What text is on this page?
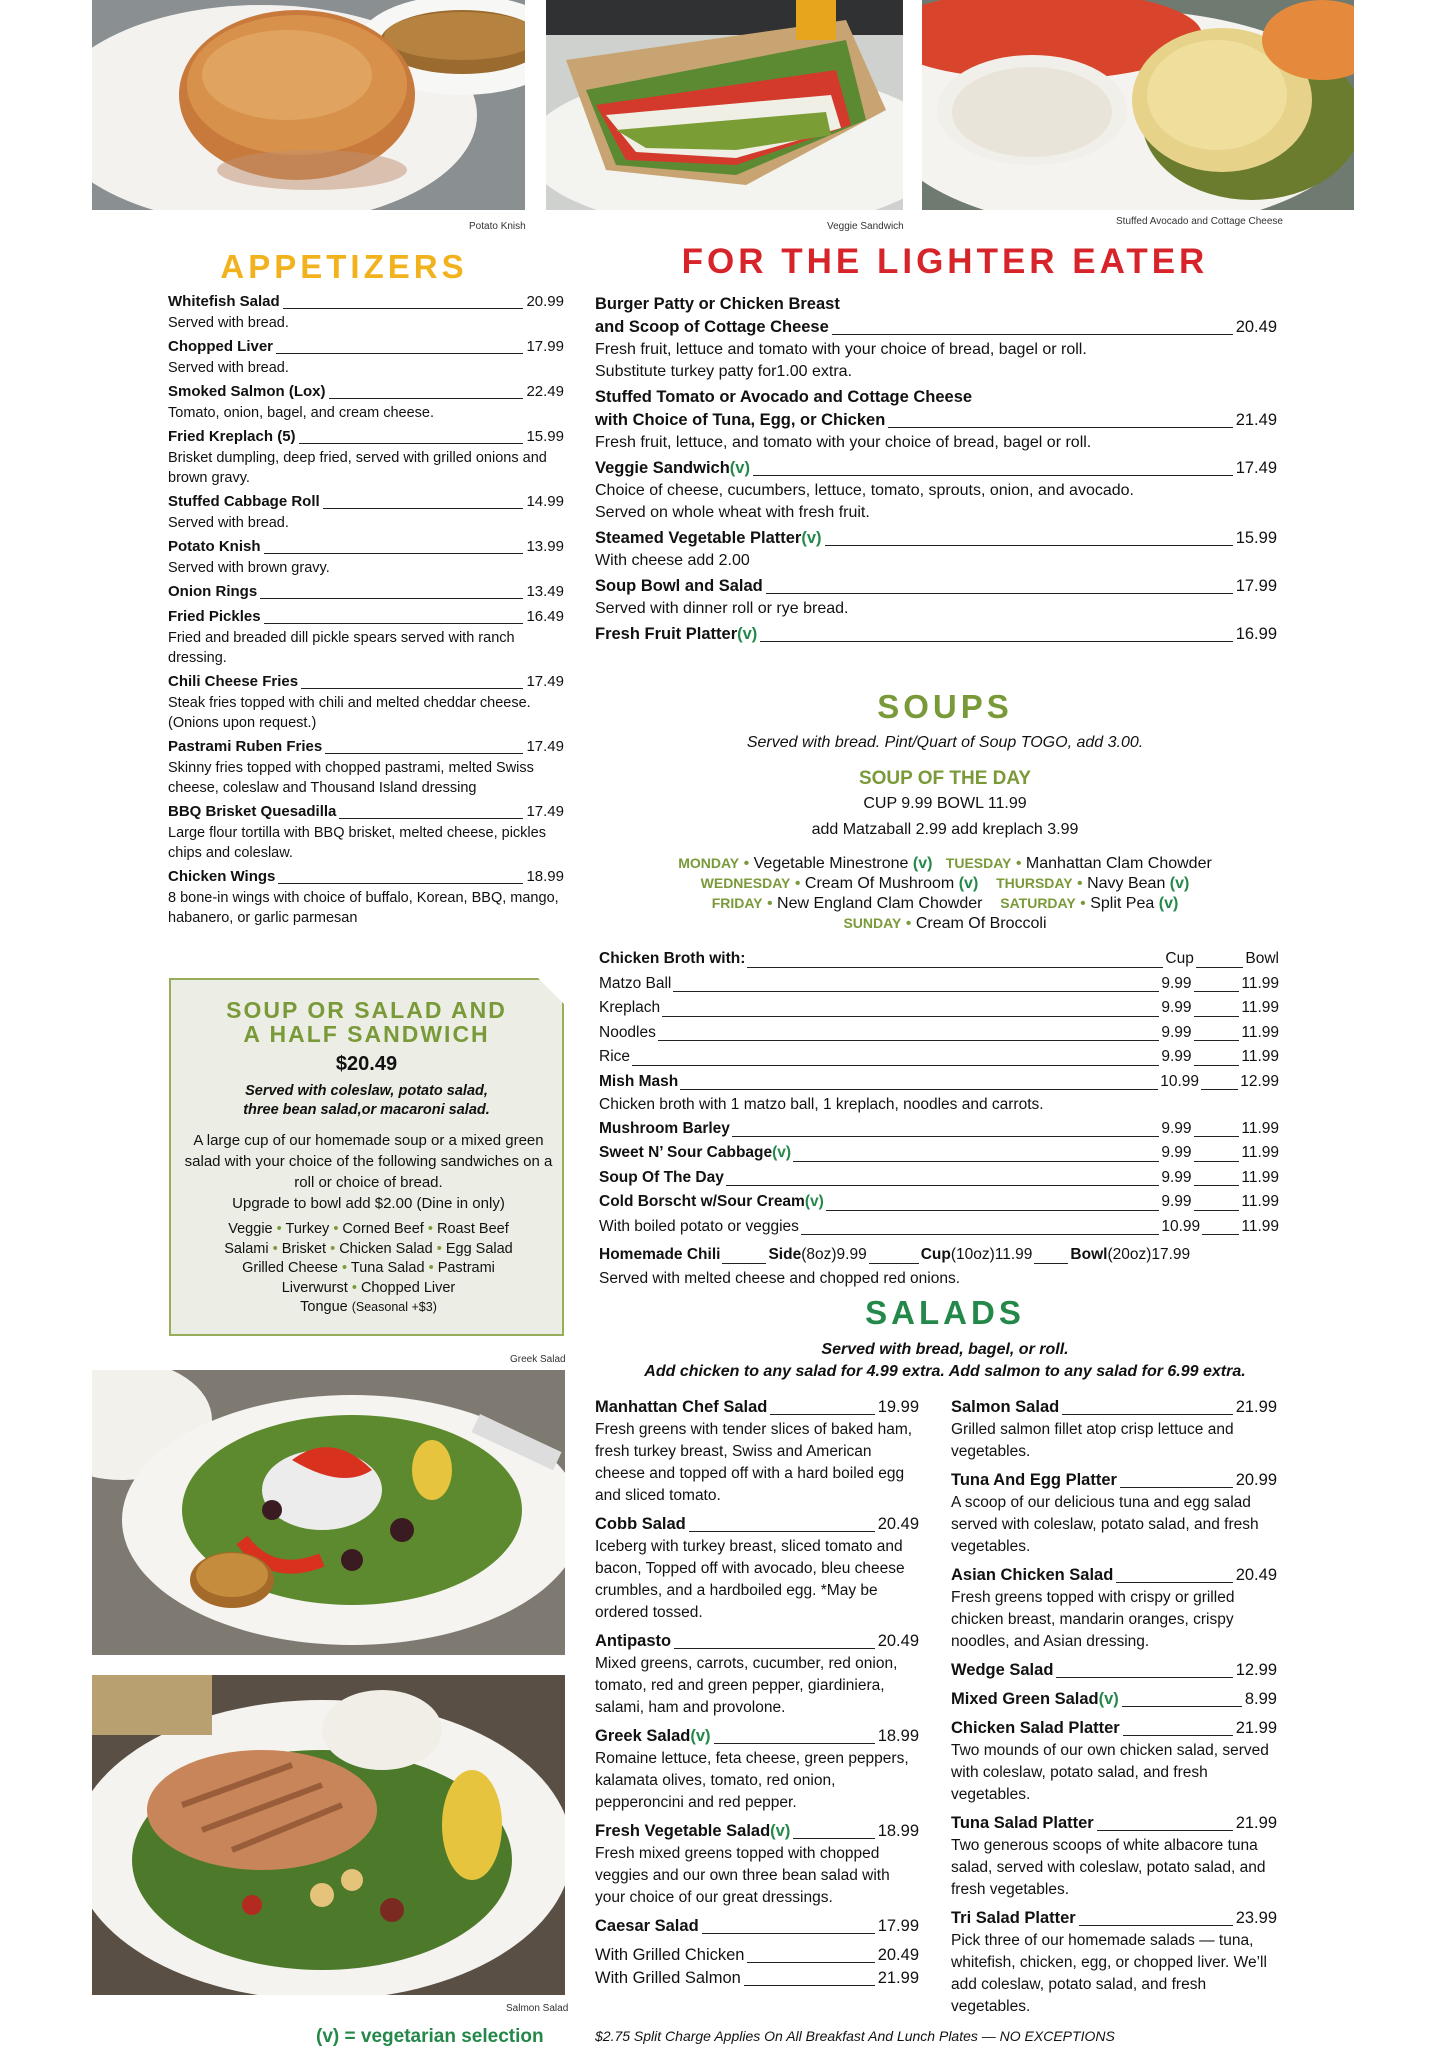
Potato Knish	Veggie Sandwich	Stuffed Avocado and Cottage Cheese
APPETIZERS
Whitefish Salad	20.99
Served with bread.
Chopped Liver	17.99
Served with bread.
Smoked Salmon (Lox)	22.49
Tomato, onion, bagel, and cream cheese.
Fried Kreplach (5)	15.99
Brisket dumpling, deep fried, served with grilled onions and brown gravy.
Stuffed Cabbage Roll	14.99
Served with bread.
Potato Knish	13.99
Served with brown gravy.
Onion Rings	13.49
Fried Pickles	16.49
Fried and breaded dill pickle spears served with ranch dressing.
Chili Cheese Fries	17.49
Steak fries topped with chili and melted cheddar cheese. (Onions upon request.)
Pastrami Ruben Fries	17.49
Skinny fries topped with chopped pastrami, melted Swiss cheese, coleslaw and Thousand Island dressing
BBQ Brisket Quesadilla	17.49
Large flour tortilla with BBQ brisket, melted cheese, pickles chips and coleslaw.
Chicken Wings	18.99
8 bone-in wings with choice of buffalo, Korean, BBQ, mango, habanero, or garlic parmesan
FOR THE LIGHTER EATER
Burger Patty or Chicken Breast
and Scoop of Cottage Cheese	20.49
Fresh fruit, lettuce and tomato with your choice of bread, bagel or roll.
Substitute turkey patty for1.00 extra.
Stuffed Tomato or Avocado and Cottage Cheese
with Choice of Tuna, Egg, or Chicken	21.49
Fresh fruit, lettuce, and tomato with your choice of bread, bagel or roll.
Veggie Sandwich (v)	17.49
Choice of cheese, cucumbers, lettuce, tomato, sprouts, onion, and avocado.
Served on whole wheat with fresh fruit.
Steamed Vegetable Platter (v)	15.99
With cheese add 2.00
Soup Bowl and Salad	17.99
Served with dinner roll or rye bread.
Fresh Fruit Platter (v)	16.99
SOUPS
Served with bread. Pint/Quart of Soup TOGO, add 3.00.
SOUP OF THE DAY
CUP 9.99 BOWL 11.99
add Matzaball 2.99 add kreplach 3.99
MONDAY • Vegetable Minestrone (v) TUESDAY • Manhattan Clam Chowder
WEDNESDAY • Cream Of Mushroom (v) THURSDAY • Navy Bean (v)
FRIDAY • New England Clam Chowder SATURDAY • Split Pea (v)
SUNDAY • Cream Of Broccoli
Chicken Broth with:	Cup	Bowl
Matzo Ball	9.99	11.99
Kreplach	9.99	11.99
Noodles	9.99	11.99
Rice	9.99	11.99
Mish Mash	10.99	12.99
Chicken broth with 1 matzo ball, 1 kreplach, noodles and carrots.
Mushroom Barley	9.99	11.99
Sweet N’ Sour Cabbage (v)	9.99	11.99
Soup Of The Day	9.99	11.99
Cold Borscht w/Sour Cream (v)	9.99	11.99
With boiled potato or veggies	10.99	11.99
Homemade Chili	Side (8oz) 9.99	Cup (10oz) 11.99 Bowl (20oz) 17.99
Served with melted cheese and chopped red onions.
SOUP OR SALAD AND
A HALF SANDWICH
$20.49
Served with coleslaw, potato salad,
three bean salad,or macaroni salad.
A large cup of our homemade soup or a mixed green salad with your choice of the following sandwiches on a roll or choice of bread.
Upgrade to bowl add $2.00 (Dine in only)
Veggie • Turkey • Corned Beef • Roast Beef
Salami • Brisket • Chicken Salad • Egg Salad
Grilled Cheese • Tuna Salad • Pastrami
Liverwurst • Chopped Liver
Tongue (Seasonal +$3)
Greek Salad
Salmon Salad
SALADS
Served with bread, bagel, or roll.
Add chicken to any salad for 4.99 extra. Add salmon to any salad for 6.99 extra.
Manhattan Chef Salad	19.99
Fresh greens with tender slices of baked ham, fresh turkey breast, Swiss and American cheese and topped off with a hard boiled egg and sliced tomato.
Cobb Salad	20.49
Iceberg with turkey breast, sliced tomato and bacon, Topped off with avocado, bleu cheese crumbles, and a hardboiled egg. *May be ordered tossed.
Antipasto	20.49
Mixed greens, carrots, cucumber, red onion, tomato, red and green pepper, giardiniera, salami, ham and provolone.
Greek Salad (v)	18.99
Romaine lettuce, feta cheese, green peppers, kalamata olives, tomato, red onion, pepperoncini and red pepper.
Fresh Vegetable Salad (v)	18.99
Fresh mixed greens topped with chopped veggies and our own three bean salad with your choice of our great dressings.
Caesar Salad	17.99
With Grilled Chicken	20.49
With Grilled Salmon	21.99
Salmon Salad	21.99
Grilled salmon fillet atop crisp lettuce and vegetables.
Tuna And Egg Platter	20.99
A scoop of our delicious tuna and egg salad served with coleslaw, potato salad, and fresh vegetables.
Asian Chicken Salad	20.49
Fresh greens topped with crispy or grilled chicken breast, mandarin oranges, crispy noodles, and Asian dressing.
Wedge Salad	12.99
Mixed Green Salad (v)	8.99
Chicken Salad Platter	21.99
Two mounds of our own chicken salad, served with coleslaw, potato salad, and fresh vegetables.
Tuna Salad Platter	21.99
Two generous scoops of white albacore tuna salad, served with coleslaw, potato salad, and fresh vegetables.
Tri Salad Platter	23.99
Pick three of our homemade salads — tuna, whitefish, chicken, egg, or chopped liver. We’ll add coleslaw, potato salad, and fresh vegetables.
(v) = vegetarian selection	$2.75 Split Charge Applies On All Breakfast And Lunch Plates — NO EXCEPTIONS
